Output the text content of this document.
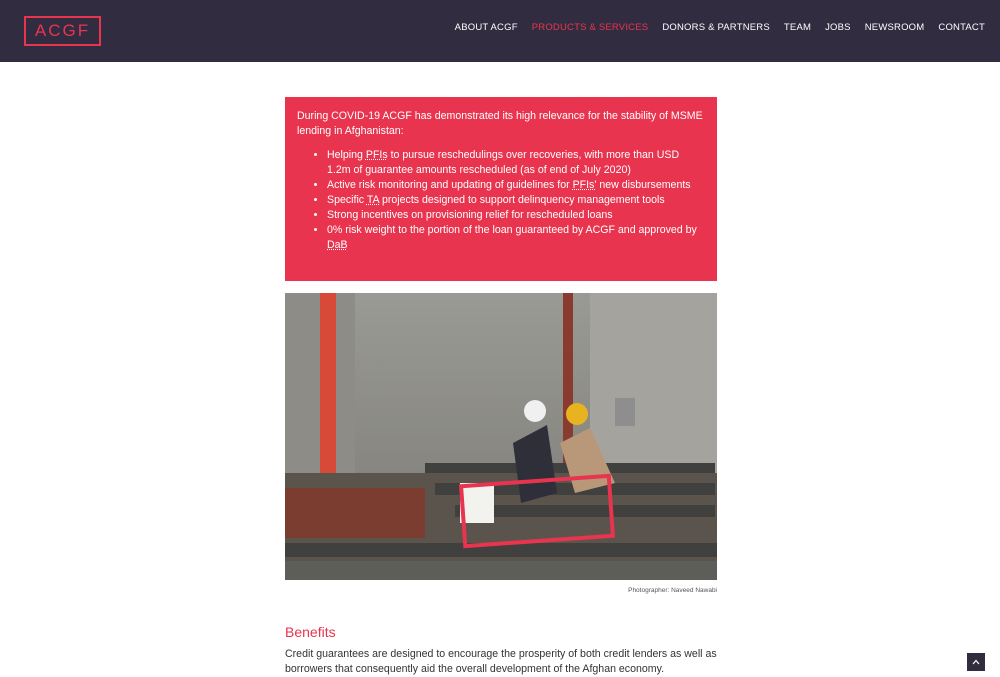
ACGF	ABOUT ACGF PRODUCTS & SERVICES DONORS & PARTNERS TEAM JOBS NEWSROOM CONTACT

During COVID-19 ACGF has demonstrated its high relevance for the stability of MSME lending in Afghanistan:

• Helping PFIs to pursue reschedulings over recoveries, with more than USD 1.2m of guarantee amounts rescheduled (as of end of July 2020)
• Active risk monitoring and updating of guidelines for PFIs' new disbursements
• Specific TA projects designed to support delinquency management tools
• Strong incentives on provisioning relief for rescheduled loans
• 0% risk weight to the portion of the loan guaranteed by ACGF and approved by DaB
Photographer: Naveed Nawabi
Benefits

Credit guarantees are designed to encourage the prosperity of both credit lenders as well as borrowers that consequently aid the overall development of the Afghan economy.
